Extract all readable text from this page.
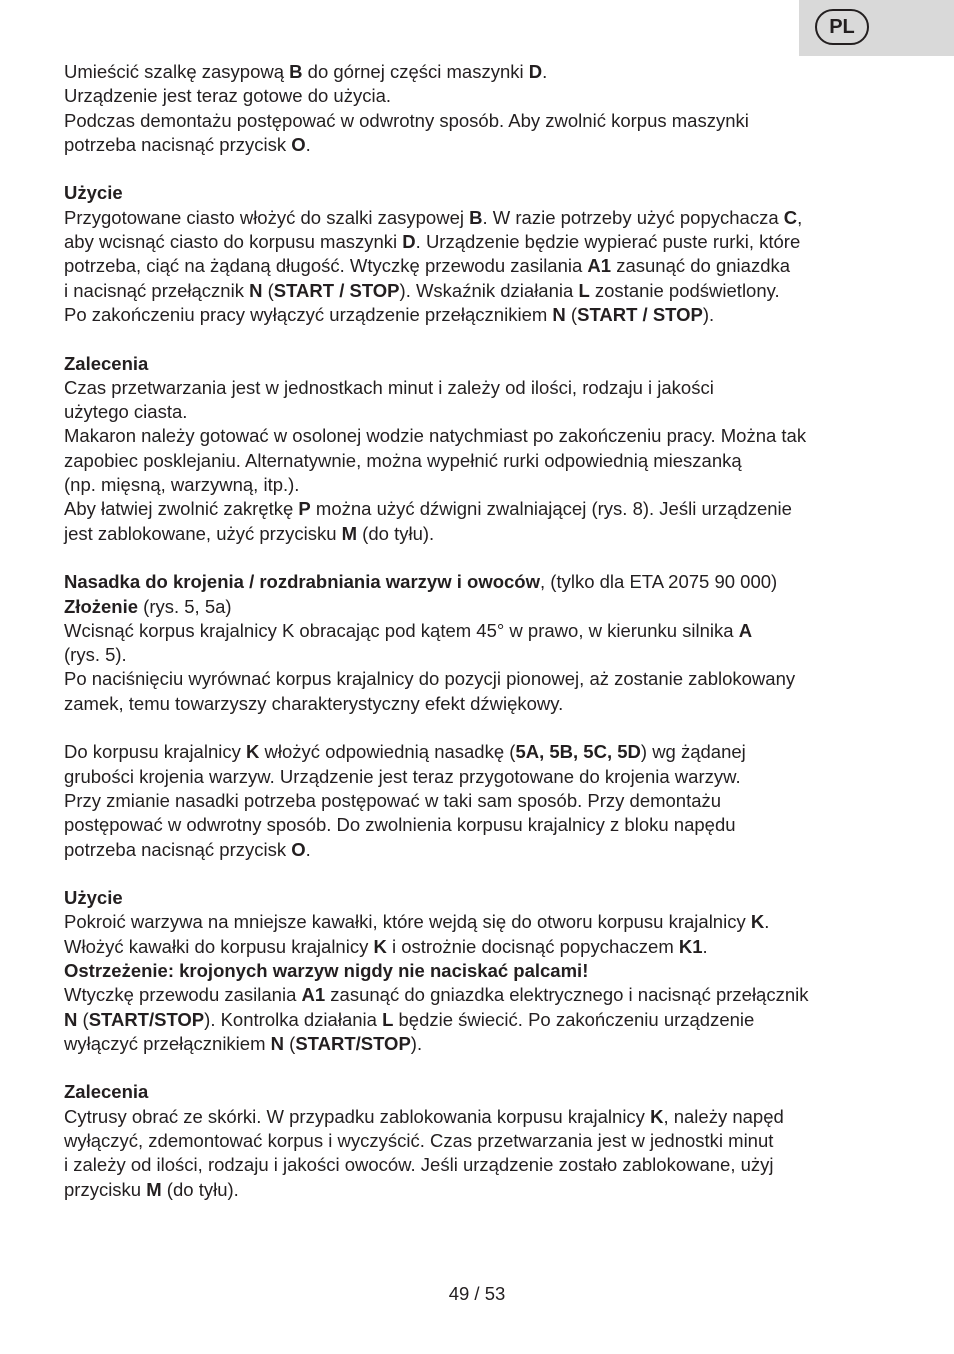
PL

Umieścić szalkę zasypową B do górnej części maszynki D.

Urządzenie jest teraz gotowe do użycia.

Podczas demontażu postępować w odwrotny sposób. Aby zwolnić korpus maszynki

potrzeba nacisnąć przycisk O.

Użycie

Przygotowane ciasto włożyć do szalki zasypowej B. W razie potrzeby użyć popychacza C,

aby wcisnąć ciasto do korpusu maszynki D. Urządzenie będzie wypierać puste rurki, które

potrzeba, ciąć na żądaną długość. Wtyczkę przewodu zasilania A1 zasunąć do gniazdka

i nacisnąć przełącznik N (START / STOP). Wskaźnik działania L zostanie podświetlony.

Po zakończeniu pracy wyłączyć urządzenie przełącznikiem N (START / STOP).

Zalecenia

Czas przetwarzania jest w jednostkach minut i zależy od ilości, rodzaju i jakości

użytego ciasta.

Makaron należy gotować w osolonej wodzie natychmiast po zakończeniu pracy. Można tak

zapobiec posklejaniu. Alternatywnie, można wypełnić rurki odpowiednią mieszanką

(np. mięsną, warzywną, itp.).

Aby łatwiej zwolnić zakrętkę P można użyć dźwigni zwalniającej (rys. 8). Jeśli urządzenie

jest zablokowane, użyć przycisku M (do tyłu).

Nasadka do krojenia / rozdrabniania warzyw i owoców, (tylko dla ETA 2075 90 000)

Złożenie (rys. 5, 5a)

Wcisnąć korpus krajalnicy K obracając pod kątem 45° w prawo, w kierunku silnika A

(rys. 5).

Po naciśnięciu wyrównać korpus krajalnicy do pozycji pionowej, aż zostanie zablokowany

zamek, temu towarzyszy charakterystyczny efekt dźwiękowy.

Do korpusu krajalnicy K włożyć odpowiednią nasadkę (5A, 5B, 5C, 5D) wg żądanej

grubości krojenia warzyw. Urządzenie jest teraz przygotowane do krojenia warzyw.

Przy zmianie nasadki potrzeba postępować w taki sam sposób. Przy demontażu

postępować w odwrotny sposób. Do zwolnienia korpusu krajalnicy z bloku napędu

potrzeba nacisnąć przycisk O.

Użycie

Pokroić warzywa na mniejsze kawałki, które wejdą się do otworu korpusu krajalnicy K.

Włożyć kawałki do korpusu krajalnicy K i ostrożnie docisnąć popychaczem K1.

Ostrzeżenie: krojonych warzyw nigdy nie naciskać palcami!

Wtyczkę przewodu zasilania A1 zasunąć do gniazdka elektrycznego i nacisnąć przełącznik

N (START/STOP). Kontrolka działania L będzie świecić. Po zakończeniu urządzenie

wyłączyć przełącznikiem N (START/STOP).

Zalecenia

Cytrusy obrać ze skórki. W przypadku zablokowania korpusu krajalnicy K, należy napęd

wyłączyć, zdemontować korpus i wyczyścić. Czas przetwarzania jest w jednostki minut

i zależy od ilości, rodzaju i jakości owoców. Jeśli urządzenie zostało zablokowane, użyj

przycisku M (do tyłu).

49 / 53
